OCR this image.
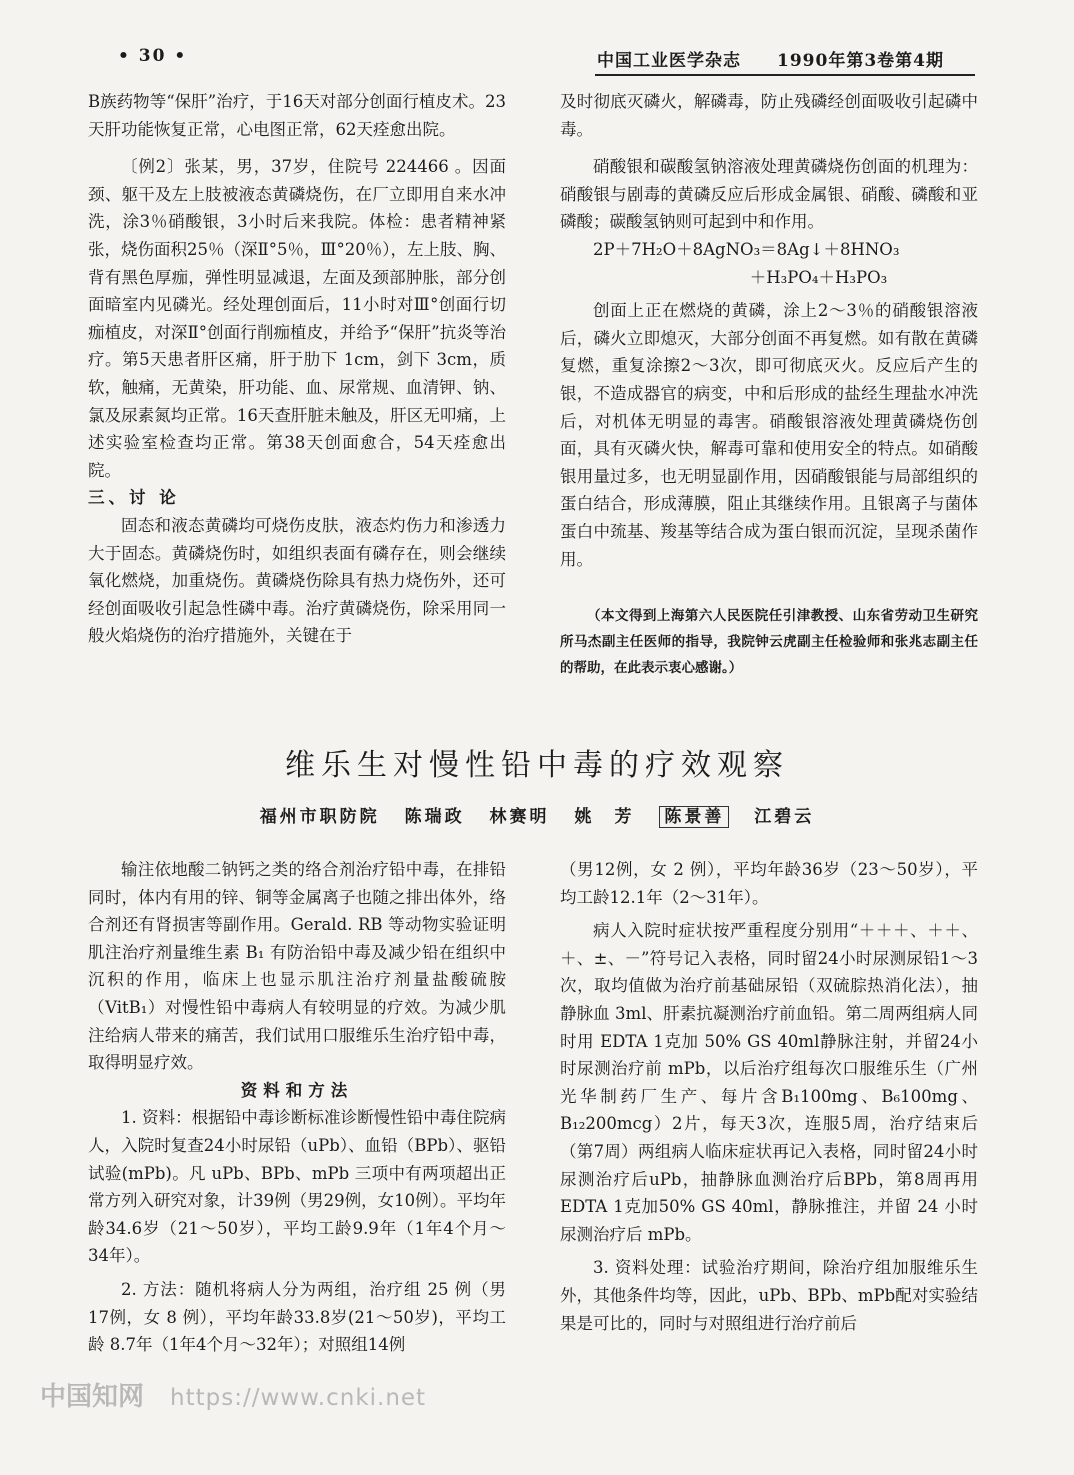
• 30 •	中国工业医学杂志　　1990年第3卷第4期

B族药物等“保肝”治疗，于16天对部分创面行植皮术。23天肝功能恢复正常，心电图正常，62天痊愈出院。

〔例2〕张某，男，37岁，住院号 224466 。因面颈、躯干及左上肢被液态黄磷烧伤，在厂立即用自来水冲洗，涂3％硝酸银，3小时后来我院。体检：患者精神紧张，烧伤面积25％（深Ⅱ°5％，Ⅲ°20％），左上肢、胸、背有黑色厚痂，弹性明显减退，左面及颈部肿胀，部分创面暗室内见磷光。经处理创面后，11小时对Ⅲ°创面行切痂植皮，对深Ⅱ°创面行削痂植皮，并给予“保肝”抗炎等治疗。第5天患者肝区痛，肝于肋下 1cm，剑下 3cm，质软，触痛，无黄染，肝功能、血、尿常规、血清钾、钠、氯及尿素氮均正常。16天查肝脏未触及，肝区无叩痛，上述实验室检查均正常。第38天创面愈合，54天痊愈出院。

三、讨 论

固态和液态黄磷均可烧伤皮肤，液态灼伤力和渗透力大于固态。黄磷烧伤时，如组织表面有磷存在，则会继续氧化燃烧，加重烧伤。黄磷烧伤除具有热力烧伤外，还可经创面吸收引起急性磷中毒。治疗黄磷烧伤，除采用同一般火焰烧伤的治疗措施外，关键在于

及时彻底灭磷火，解磷毒，防止残磷经创面吸收引起磷中毒。

硝酸银和碳酸氢钠溶液处理黄磷烧伤创面的机理为：硝酸银与剧毒的黄磷反应后形成金属银、硝酸、磷酸和亚磷酸；碳酸氢钠则可起到中和作用。

2P＋7H₂O＋8AgNO₃＝8Ag↓＋8HNO₃

＋H₃PO₄＋H₃PO₃

创面上正在燃烧的黄磷，涂上2～3％的硝酸银溶液后，磷火立即熄灭，大部分创面不再复燃。如有散在黄磷复燃，重复涂擦2～3次，即可彻底灭火。反应后产生的银，不造成器官的病变，中和后形成的盐经生理盐水冲洗后，对机体无明显的毒害。硝酸银溶液处理黄磷烧伤创面，具有灭磷火快，解毒可靠和使用安全的特点。如硝酸银用量过多，也无明显副作用，因硝酸银能与局部组织的蛋白结合，形成薄膜，阻止其继续作用。且银离子与菌体蛋白中巯基、羧基等结合成为蛋白银而沉淀，呈现杀菌作用。

（本文得到上海第六人民医院任引津教授、山东省劳动卫生研究所马杰副主任医师的指导，我院钟云虎副主任检验师和张兆志副主任的帮助，在此表示衷心感谢。）

维乐生对慢性铅中毒的疗效观察
福州市职防院 陈瑞政 林赛明 姚　芳 陈景善 江碧云

输注依地酸二钠钙之类的络合剂治疗铅中毒，在排铅同时，体内有用的锌、铜等金属离子也随之排出体外，络合剂还有肾损害等副作用。Gerald. RB 等动物实验证明肌注治疗剂量维生素 B₁ 有防治铅中毒及减少铅在组织中沉积的作用，临床上也显示肌注治疗剂量盐酸硫胺（VitB₁）对慢性铅中毒病人有较明显的疗效。为减少肌注给病人带来的痛苦，我们试用口服维乐生治疗铅中毒，取得明显疗效。

资料和方法

1. 资料：根据铅中毒诊断标准诊断慢性铅中毒住院病人，入院时复查24小时尿铅（uPb）、血铅（BPb）、驱铅试验(mPb)。凡 uPb、BPb、mPb 三项中有两项超出正常方列入研究对象，计39例（男29例，女10例）。平均年龄34.6岁（21～50岁），平均工龄9.9年（1年4个月～34年）。

2. 方法：随机将病人分为两组，治疗组 25 例（男17例，女 8 例），平均年龄33.8岁(21～50岁)，平均工龄 8.7年（1年4个月～32年）；对照组14例

（男12例，女 2 例），平均年龄36岁（23～50岁），平均工龄12.1年（2～31年）。

病人入院时症状按严重程度分别用“＋＋＋、＋＋、＋、±、－”符号记入表格，同时留24小时尿测尿铅1～3次，取均值做为治疗前基础尿铅（双硫腙热消化法），抽静脉血 3ml、肝素抗凝测治疗前血铅。第二周两组病人同时用 EDTA 1克加 50% GS 40ml静脉注射，并留24小时尿测治疗前 mPb，以后治疗组每次口服维乐生（广州光华制药厂生产、每片含B₁100mg、B₆100mg、B₁₂200mcg）2片，每天3次，连服5周，治疗结束后（第7周）两组病人临床症状再记入表格，同时留24小时尿测治疗后uPb，抽静脉血测治疗后BPb，第8周再用EDTA 1克加50% GS 40ml，静脉推注，并留 24 小时尿测治疗后 mPb。

3. 资料处理：试验治疗期间，除治疗组加服维乐生外，其他条件均等，因此，uPb、BPb、mPb配对实验结果是可比的，同时与对照组进行治疗前后

中国知网 https://www.cnki.net
